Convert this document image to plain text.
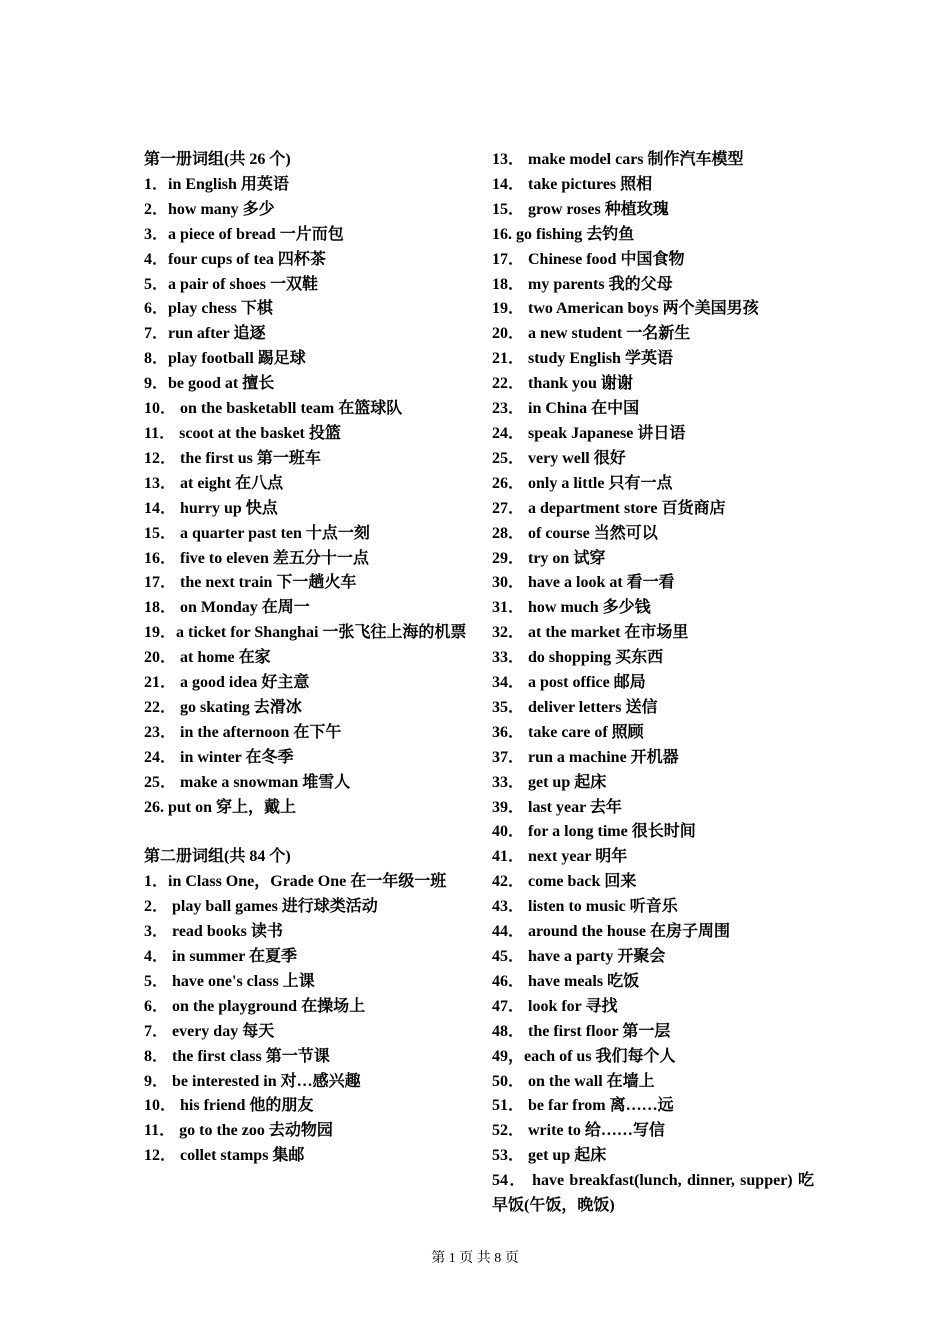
第一册词组(共 26 个)
1．in English 用英语
2．how many 多少
3．a piece of bread 一片而包
4．four cups of tea 四杯茶
5．a pair of shoes 一双鞋
6．play chess 下棋
7．run after 追逐
8．play football 踢足球
9．be good at 擅长
10． on the basketabll team 在篮球队
11． scoot at the basket 投篮
12． the first us 第一班车
13． at eight 在八点
14． hurry up 快点
15． a quarter past ten 十点一刻
16． five to eleven 差五分十一点
17． the next train 下一趟火车
18． on Monday 在周一
19．a ticket for Shanghai 一张飞往上海的机票
20． at home 在家
21． a good idea 好主意
22． go skating 去滑冰
23． in the afternoon 在下午
24． in winter 在冬季
25． make a snowman 堆雪人
26. put on 穿上，戴上
第二册词组(共 84 个)
1．in Class One，Grade One 在一年级一班
2． play ball games 进行球类活动
3． read books 读书
4． in summer 在夏季
5． have one's class 上课
6． on the playground 在操场上
7． every day 每天
8． the first class 第一节课
9． be interested in 对…感兴趣
10． his friend 他的朋友
11． go to the zoo 去动物园
12． collet stamps 集邮
13． make model cars 制作汽车模型
14． take pictures 照相
15． grow roses 种植玫瑰
16. go fishing 去钓鱼
17． Chinese food 中国食物
18． my parents 我的父母
19． two American boys 两个美国男孩
20． a new student 一名新生
21． study English 学英语
22． thank you 谢谢
23． in China 在中国
24． speak Japanese 讲日语
25． very well 很好
26． only a little 只有一点
27． a department store 百货商店
28． of course 当然可以
29． try on 试穿
30． have a look at 看一看
31． how much 多少钱
32． at the market 在市场里
33． do shopping 买东西
34． a post office 邮局
35． deliver letters 送信
36． take care of 照顾
37． run a machine 开机器
33． get up 起床
39． last year 去年
40． for a long time 很长时间
41． next year 明年
42． come back 回来
43． listen to music 听音乐
44． around the house 在房子周围
45． have a party 开聚会
46． have meals 吃饭
47． look for 寻找
48． the first floor 第一层
49，each of us 我们每个人
50． on the wall 在墙上
51． be far from 离……远
52． write to 给……写信
53． get up 起床
54． have breakfast(lunch, dinner, supper) 吃早饭(午饭，晚饭)
第 1 页 共 8 页
